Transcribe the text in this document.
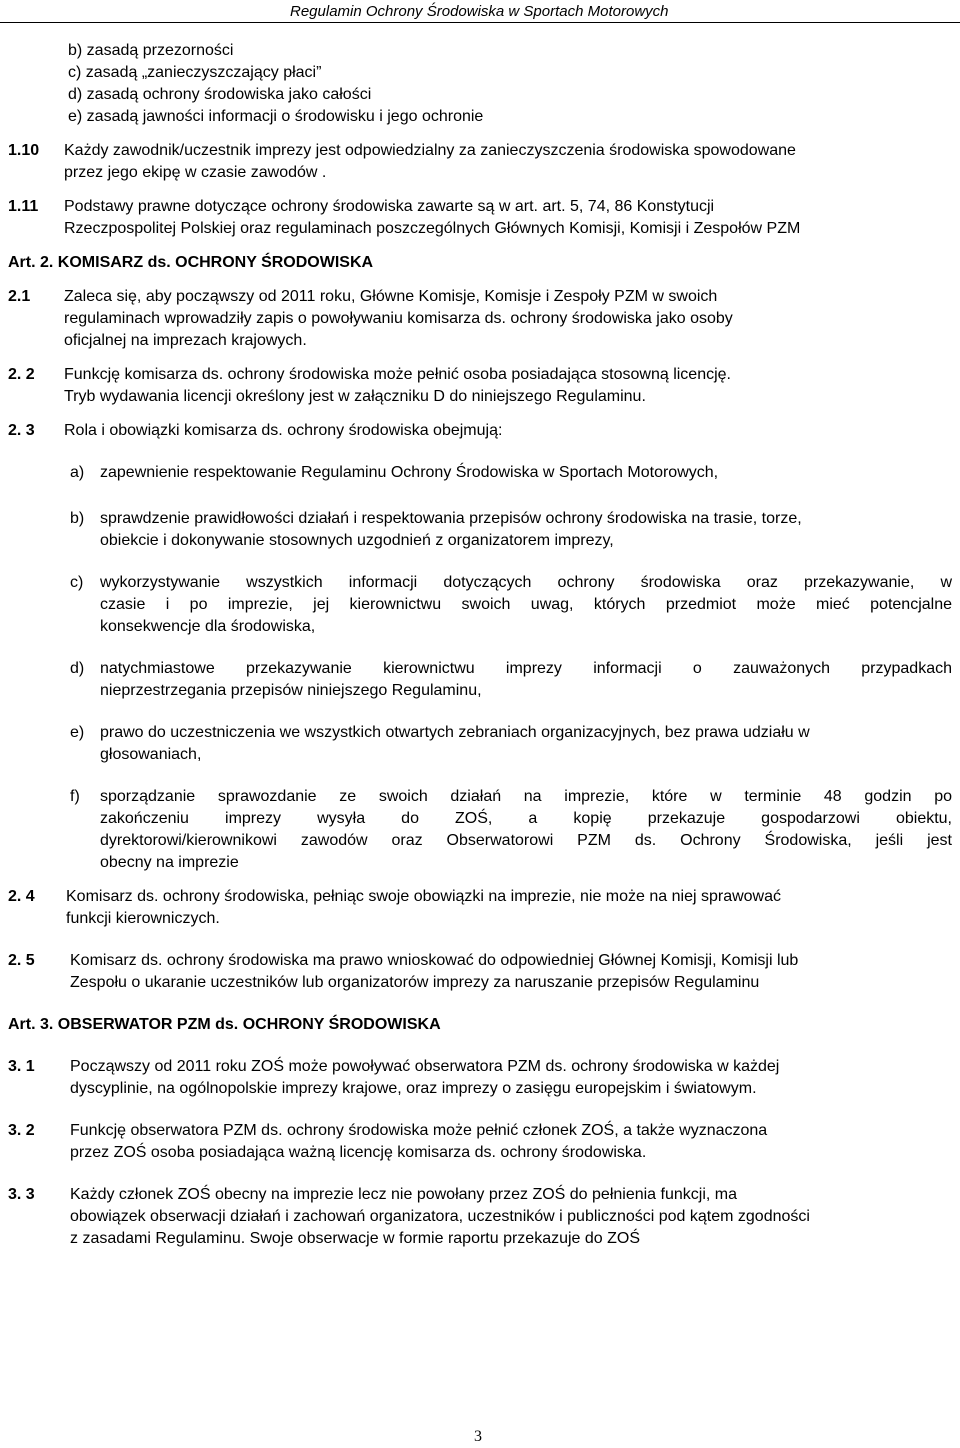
Regulamin Ochrony Środowiska w Sportach Motorowych
b) zasadą przezorności
c) zasadą „zanieczyszczający płaci”
d) zasadą ochrony środowiska jako całości
e) zasadą jawności informacji o środowisku i jego ochronie
1.10	Każdy zawodnik/uczestnik imprezy jest odpowiedzialny za zanieczyszczenia środowiska spowodowane
przez jego ekipę w czasie zawodów .
1.11	Podstawy prawne dotyczące ochrony środowiska zawarte są w art. art. 5, 74, 86 Konstytucji
Rzeczpospolitej Polskiej oraz regulaminach poszczególnych Głównych Komisji, Komisji i Zespołów PZM
Art. 2. KOMISARZ ds. OCHRONY ŚRODOWISKA
2.1	Zaleca się, aby począwszy od 2011 roku, Główne Komisje, Komisje i Zespoły PZM w swoich
regulaminach wprowadziły zapis o powoływaniu komisarza ds. ochrony środowiska jako osoby
oficjalnej na imprezach krajowych.
2. 2	Funkcję komisarza ds. ochrony środowiska może pełnić osoba posiadająca stosowną licencję.
Tryb wydawania licencji określony jest w załączniku D do niniejszego Regulaminu.
2. 3	Rola i obowiązki komisarza ds. ochrony środowiska obejmują:
a) zapewnienie respektowanie Regulaminu Ochrony Środowiska w Sportach Motorowych,
b) sprawdzenie prawidłowości działań i respektowania przepisów ochrony środowiska na trasie, torze,
obiekcie i dokonywanie stosownych uzgodnień z organizatorem imprezy,
c)	wykorzystywanie wszystkich informacji dotyczących ochrony środowiska oraz przekazywanie, w
czasie i po imprezie, jej kierownictwu swoich uwag, których przedmiot może mieć potencjalne
konsekwencje dla środowiska,
d) natychmiastowe przekazywanie kierownictwu imprezy informacji o zauważonych przypadkach
nieprzestrzegania przepisów niniejszego Regulaminu,
e) prawo do uczestniczenia we wszystkich otwartych zebraniach organizacyjnych, bez prawa udziału w
głosowaniach,
f)	sporządzanie sprawozdanie ze swoich działań na imprezie, które w terminie 48 godzin po
zakończeniu imprezy wysyła do ZOŚ, a kopię przekazuje gospodarzowi obiektu,
dyrektorowi/kierownikowi zawodów oraz Obserwatorowi PZM ds. Ochrony Środowiska, jeśli jest
obecny na imprezie
2. 4	Komisarz ds. ochrony środowiska, pełniąc swoje obowiązki na imprezie, nie może na niej sprawować
funkcji kierowniczych.
2. 5	Komisarz ds. ochrony środowiska ma prawo wnioskować do odpowiedniej Głównej Komisji, Komisji lub
Zespołu o ukaranie uczestników lub organizatorów imprezy za naruszanie przepisów Regulaminu
Art. 3. OBSERWATOR PZM ds. OCHRONY ŚRODOWISKA
3. 1	Począwszy od 2011 roku ZOŚ może powoływać obserwatora PZM ds. ochrony środowiska w każdej
dyscyplinie, na ogólnopolskie imprezy krajowe, oraz imprezy o zasięgu europejskim i światowym.
3. 2	Funkcję obserwatora PZM ds. ochrony środowiska może pełnić członek ZOŚ, a także wyznaczona
przez ZOŚ osoba posiadająca ważną licencję komisarza ds. ochrony środowiska.
3. 3	Każdy członek ZOŚ obecny na imprezie lecz nie powołany przez ZOŚ do pełnienia funkcji, ma
obowiązek obserwacji działań i zachowań organizatora, uczestników i publiczności pod kątem zgodności
z zasadami Regulaminu. Swoje obserwacje w formie raportu przekazuje do ZOŚ
3
